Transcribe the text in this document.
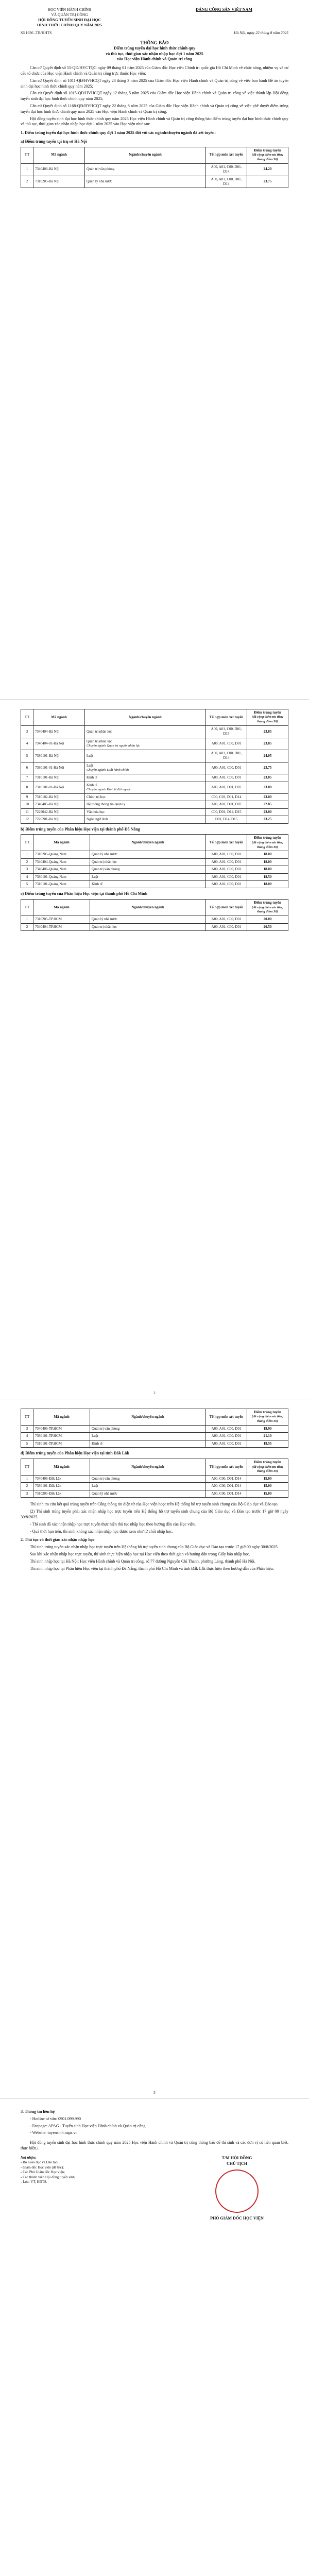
HỌC VIỆN HÀNH CHÍNH
VÀ QUẢN TRỊ CÔNG
HỘI ĐỒNG TUYỂN SINH ĐẠI HỌC
HÌNH THỨC CHÍNH QUY NĂM 2025
ĐẢNG CỘNG SẢN VIỆT NAM
Số 1936 -TB/HHTS	Hà Nội, ngày 22 tháng 8 năm 2025
THÔNG BÁO
Điểm trúng tuyển đại học hình thức chính quy
và thủ tục, thời gian xác nhận nhập học đợt 1 năm 2025
vào Học viện Hành chính và Quản trị công

Căn cứ Quyết định số 55-QĐ/HVCTQG ngày 09 tháng 01 năm 2025 của Giám đốc Học viện Chính trị quốc gia Hồ Chí Minh về chức năng, nhiệm vụ và cơ cấu tổ chức của Học viện Hành chính và Quản trị công trực thuộc Học viện;

Căn cứ Quyết định số 1011-QĐ/HVHCQT ngày 28 tháng 3 năm 2025 của Giám đốc Học viện Hành chính và Quản trị công về việc ban hành Đề án tuyển sinh đại học hình thức chính quy năm 2025;

Căn cứ Quyết định số 1015-QĐ/HVHCQT ngày 12 tháng 5 năm 2025 của Giám đốc Học viện Hành chính và Quản trị công về việc thành lập Hội đồng tuyển sinh đại học hình thức chính quy năm 2025;

Căn cứ Quyết định số 1168-QĐ/HVHCQT ngày 22 tháng 8 năm 2025 của Giám đốc Học viện Hành chính và Quản trị công về việc phê duyệt điểm trúng tuyển đại học hình thức chính quy năm 2025 vào Học viện Hành chính và Quản trị công;

Hội đồng tuyển sinh đại học hình thức chính quy năm 2025 Học viện Hành chính và Quản trị công thông báo điểm trúng tuyển đại học hình thức chính quy và thủ tục, thời gian xác nhận nhập học đợt 1 năm 2025 vào Học viện như sau:

1. Điểm trúng tuyển đại học hình thức chính quy đợt 1 năm 2025 đối với các ngành/chuyên ngành đã xét tuyển:
a) Điểm trúng tuyển tại trụ sở Hà Nội
TT	Mã ngành	Ngành/chuyên ngành	Tổ hợp môn xét tuyển	Điểm trúng tuyển
(đã cộng điểm ưu tiên; thang điểm 30)

1	7340406-Hà Nội	Quản trị văn phòng	A00, A01, C00, D01, D14	24.20
2	7310205-Hà Nội	Quản lý nhà nước	A00, A01, C00, D01, D14	23.75
TT	Mã ngành	Ngành/chuyên ngành	Tổ hợp môn xét tuyển	Điểm trúng tuyển
(đã cộng điểm ưu tiên; thang điểm 30)

3	7340404-Hà Nội	Quản trị nhân lực	A00, A01, C00, D01, D15	23.85
4	7340404-01-Hà Nội	Quản trị nhân lực
Chuyên ngành Quản trị nguồn nhân lực	A00, A01, C00, D01	23.85
5	7380101-Hà Nội	Luật	A00, A01, C00, D01, D14	24.05
6	7380101-01-Hà Nội	Luật
Chuyên ngành Luật hành chính	A00, A01, C00, D01	23.75
7	7310101-Hà Nội	Kinh tế	A00, A01, C00, D01	23.05
8	7310101-01-Hà Nội	Kinh tế
Chuyên ngành Kinh tế đối ngoại	A00, A01, D01, D07	23.00
9	7310102-Hà Nội	Chính trị học	C00, C03, D01, D14	23.00
10	7340405-Hà Nội	Hệ thống thông tin quản lý	A00, A01, D01, D07	22.85
11	7229042-Hà Nội	Văn hóa học	C00, D01, D14, D15	23.00
12	7220201-Hà Nội	Ngôn ngữ Anh	D01, D14, D15	23.25
b) Điểm trúng tuyển của Phân hiệu Học viện tại thành phố Đà Nẵng
TT	Mã ngành	Ngành/chuyên ngành	Tổ hợp môn xét tuyển	Điểm trúng tuyển
(đã cộng điểm ưu tiên; thang điểm 30)

1	7310205-Quảng Nam	Quản lý nhà nước	A00, A01, C00, D01	18.00
2	7340404-Quảng Nam	Quản trị nhân lực	A00, A01, C00, D01	18.00
3	7340406-Quảng Nam	Quản trị văn phòng	A00, A01, C00, D01	18.00
4	7380101-Quảng Nam	Luật	A00, A01, C00, D01	18.50
5	7310101-Quảng Nam	Kinh tế	A00, A01, C00, D01	18.00
c) Điểm trúng tuyển của Phân hiệu Học viện tại thành phố Hồ Chí Minh
TT	Mã ngành	Ngành/chuyên ngành	Tổ hợp môn xét tuyển	Điểm trúng tuyển
(đã cộng điểm ưu tiên; thang điểm 30)

1	7310205-TP.HCM	Quản lý nhà nước	A00, A01, C00, D01	20.00
2	7340404-TP.HCM	Quản trị nhân lực	A00, A01, C00, D01	20.50
2
TT	Mã ngành	Ngành/chuyên ngành	Tổ hợp môn xét tuyển	Điểm trúng tuyển
(đã cộng điểm ưu tiên; thang điểm 30)

3	7340406-TP.HCM	Quản trị văn phòng	A00, A01, C00, D01	19.90
4	7380101-TP.HCM	Luật	A00, A01, C00, D01	21.10
5	7310101-TP.HCM	Kinh tế	A00, A01, C00, D01	19.55
d) Điểm trúng tuyển của Phân hiệu Học viện tại tỉnh Đắk Lắk
TT	Mã ngành	Ngành/chuyên ngành	Tổ hợp môn xét tuyển	Điểm trúng tuyển
(đã cộng điểm ưu tiên; thang điểm 30)

1	7340406-Đắk Lắk	Quản trị văn phòng	A00, C00, D01, D14	15.00
2	7380101-Đắk Lắk	Luật	A00, C00, D01, D14	15.00
3	7310205-Đắk Lắk	Quản lý nhà nước	A00, C00, D01, D14	15.00

Thí sinh tra cứu kết quả trúng tuyển trên Cổng thông tin điện tử của Học viện hoặc trên Hệ thống hỗ trợ tuyển sinh chung của Bộ Giáo dục và Đào tạo.

(2) Thí sinh trúng tuyển phải xác nhận nhập học trực tuyến trên Hệ thống hỗ trợ tuyển sinh chung của Bộ Giáo dục và Đào tạo trước 17 giờ 00 ngày 30/8/2025.

- Thí sinh đã xác nhận nhập học trực tuyến thực hiện thủ tục nhập học theo hướng dẫn của Học viện.

- Quá thời hạn trên, thí sinh không xác nhận nhập học được xem như từ chối nhập học.

2. Thủ tục và thời gian xác nhận nhập học

Thí sinh trúng tuyển xác nhận nhập học trực tuyến trên Hệ thống hỗ trợ tuyển sinh chung của Bộ Giáo dục và Đào tạo trước 17 giờ 00 ngày 30/8/2025.

Sau khi xác nhận nhập học trực tuyến, thí sinh thực hiện nhập học tại Học viện theo thời gian và hướng dẫn trong Giấy báo nhập học.

Thí sinh nhập học tại Hà Nội: Học viện Hành chính và Quản trị công, số 77 đường Nguyễn Chí Thanh, phường Láng, thành phố Hà Nội.

Thí sinh nhập học tại Phân hiệu Học viện tại thành phố Đà Nẵng, thành phố Hồ Chí Minh và tỉnh Đắk Lắk thực hiện theo hướng dẫn của Phân hiệu.

3
3. Thông tin liên hệ

- Hotline tư vấn: 0901.099.990

- Fanpage: APAG - Tuyển sinh Học viện Hành chính và Quản trị công

- Website: tuyensinh.napa.vn

Hội đồng tuyển sinh đại học hình thức chính quy năm 2025 Học viện Hành chính và Quản trị công thông báo để thí sinh và các đơn vị có liên quan biết, thực hiện./.

Nơi nhận:
- Bộ Giáo dục và Đào tạo;
- Giám đốc Học viện (để b/c);
- Các Phó Giám đốc Học viện;
- Các thành viên Hội đồng tuyển sinh;
- Lưu: VT, HĐTS.
T/M HỘI ĐỒNG
CHỦ TỊCH
PHÓ GIÁM ĐỐC HỌC VIỆN
